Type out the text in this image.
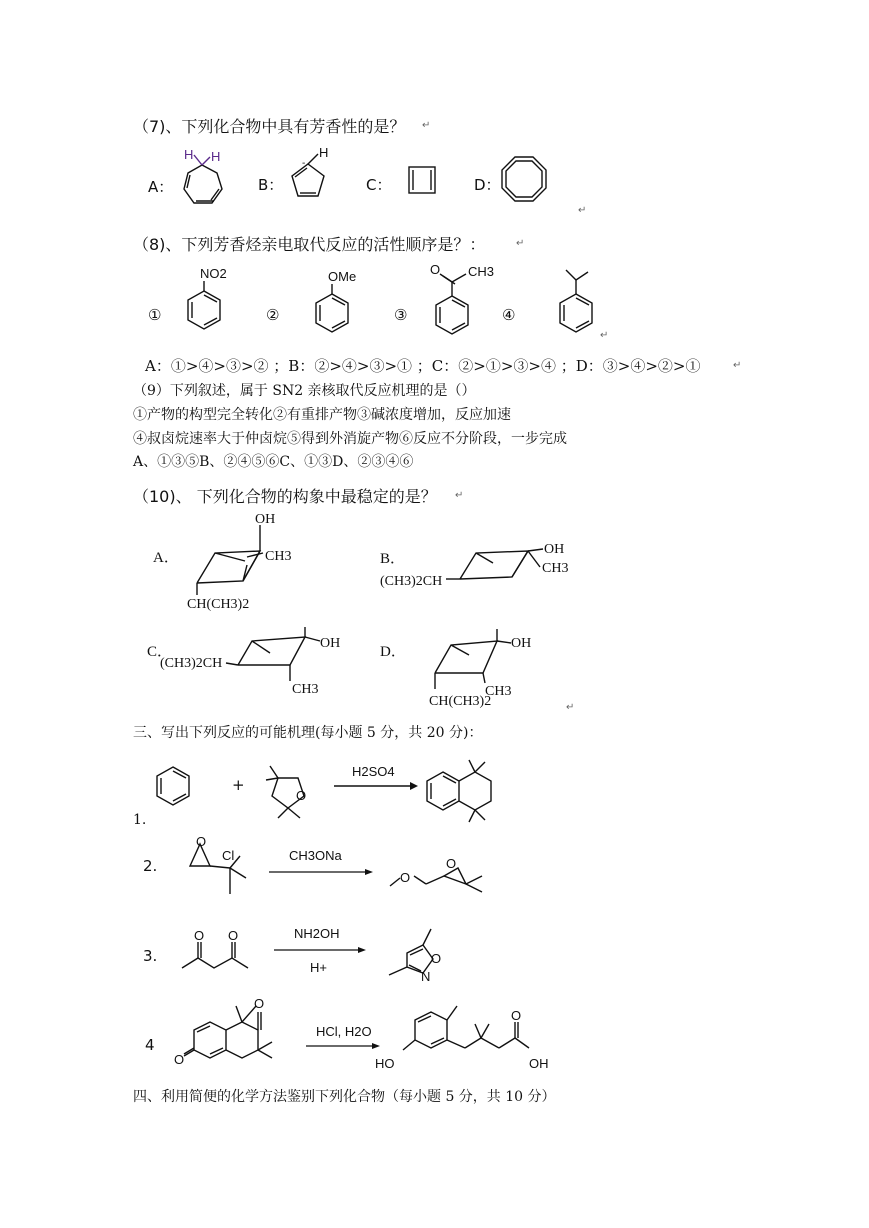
（7)、下列化合物中具有芳香性的是？ ↵
A：	B：	C：	D：
H H	H
-
↵
（8)、下列芳香烃亲电取代反应的活性顺序是？：	↵
①	②	③	④
NO2	OMe	O CH3
↵
A：①>④>③>② ；B：②>④>③>① ；C：②>①>③>④ ；D：③>④>②>①	↵
（9）下列叙述，属于 SN2 亲核取代反应机理的是（）
①产物的构型完全转化②有重排产物③碱浓度增加，反应加速
④叔卤烷速率大于仲卤烷⑤得到外消旋产物⑥反应不分阶段，一步完成
A、①③⑤B、②④⑤⑥C、①③D、②③④⑥
（10)、 下列化合物的构象中最稳定的是？ ↵
A．	B．
C．	D．
OH
CH3
CH(CH3)2
OH
CH3
(CH3)2CH
OH
CH3
(CH3)2CH
OH
CH3
CH(CH3)2	↵
三、写出下列反应的可能机理(每小题 5 分，共 20 分)：
1.
+
O
H2SO4
2.
O
Cl	CH3ONa
O
O
3.
O O	NH2OH
H+
O
N
4
O
O
HCl, H2O
HO
O
OH
四、利用简便的化学方法鉴别下列化合物（每小题 5 分，共 10 分）
